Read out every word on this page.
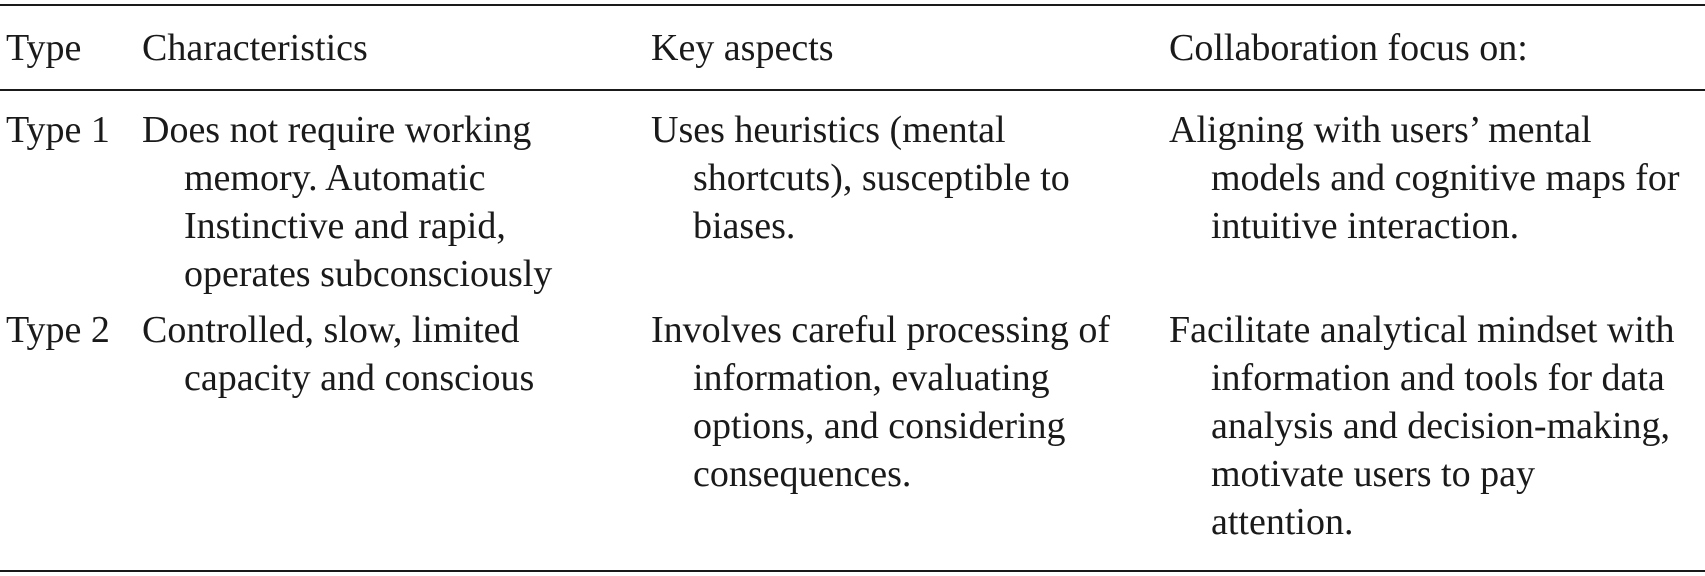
Type Characteristics	Key aspects	Collaboration focus on:
Type 1 Does not require working
memory. Automatic
Instinctive and rapid,
operates subconsciously
Uses heuristics (mental
shortcuts), susceptible to
biases.
Aligning with users’ mental
models and cognitive maps for
intuitive interaction.
Type 2 Controlled, slow, limited
capacity and conscious
Involves careful processing of
information, evaluating
options, and considering
consequences.
Facilitate analytical mindset with
information and tools for data
analysis and decision-making,
motivate users to pay
attention.
